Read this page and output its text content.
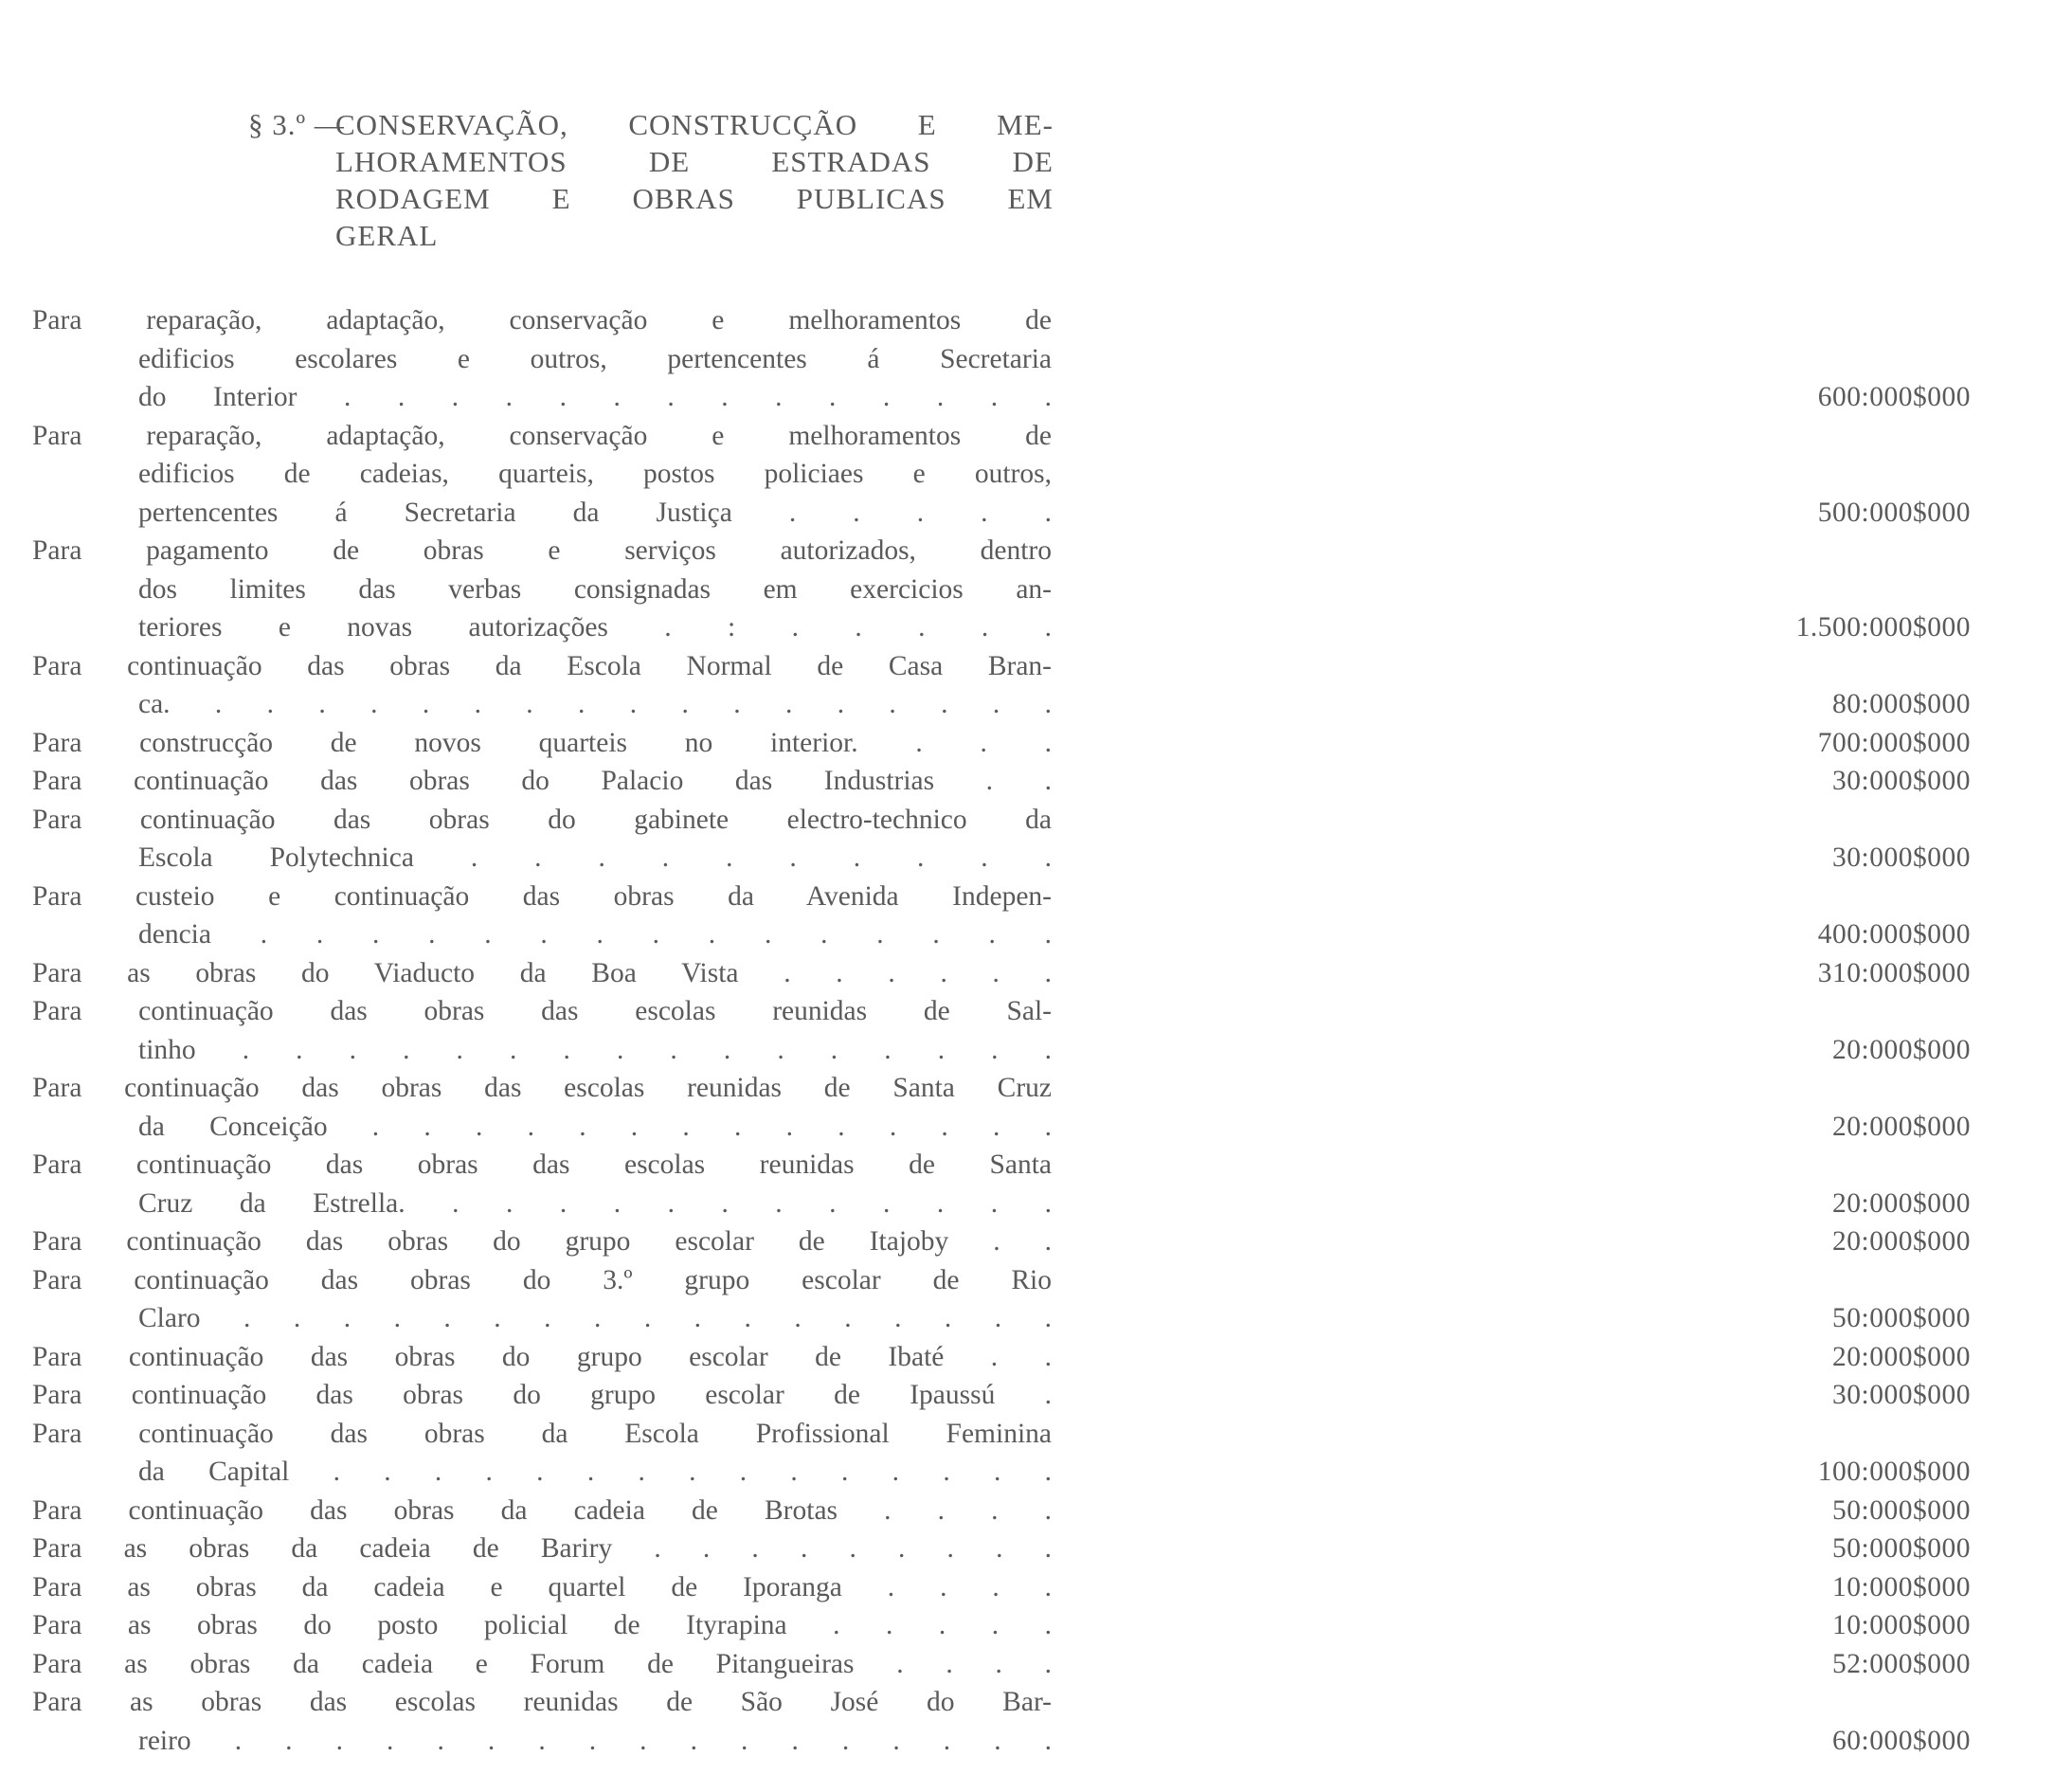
§ 3.º —
CONSERVAÇÃO, CONSTRUCÇÃO E ME-
LHORAMENTOS DE ESTRADAS DE
RODAGEM E OBRAS PUBLICAS EM
GERAL
Para reparação, adaptação, conservação e melhoramentos de
edificios escolares e outros, pertencentes á Secretaria
do Interior . . . . . . . . . . . . . .	600:000$000
Para reparação, adaptação, conservação e melhoramentos de
edificios de cadeias, quarteis, postos policiaes e outros,
pertencentes á Secretaria da Justiça . . . . .	500:000$000
Para pagamento de obras e serviços autorizados, dentro
dos limites das verbas consignadas em exercicios an-
teriores e novas autorizações . : . . . . .	1.500:000$000
Para continuação das obras da Escola Normal de Casa Bran-
ca. . . . . . . . . . . . . . . . . .	80:000$000
Para construcção de novos quarteis no interior. . . .	700:000$000
Para continuação das obras do Palacio das Industrias . .	30:000$000
Para continuação das obras do gabinete electro-technico da
Escola Polytechnica . . . . . . . . . .	30:000$000
Para custeio e continuação das obras da Avenida Indepen-
dencia . . . . . . . . . . . . . . .	400:000$000
Para as obras do Viaducto da Boa Vista . . . . . .	310:000$000
Para continuação das obras das escolas reunidas de Sal-
tinho . . . . . . . . . . . . . . . .	20:000$000
Para continuação das obras das escolas reunidas de Santa Cruz
da Conceição . . . . . . . . . . . . . .	20:000$000
Para continuação das obras das escolas reunidas de Santa
Cruz da Estrella. . . . . . . . . . . . .	20:000$000
Para continuação das obras do grupo escolar de Itajoby . .	20:000$000
Para continuação das obras do 3.º grupo escolar de Rio
Claro . . . . . . . . . . . . . . . . .	50:000$000
Para continuação das obras do grupo escolar de Ibaté . .	20:000$000
Para continuação das obras do grupo escolar de Ipaussú .	30:000$000
Para continuação das obras da Escola Profissional Feminina
da Capital . . . . . . . . . . . . . . .	100:000$000
Para continuação das obras da cadeia de Brotas . . . .	50:000$000
Para as obras da cadeia de Bariry . . . . . . . . .	50:000$000
Para as obras da cadeia e quartel de Iporanga . . . .	10:000$000
Para as obras do posto policial de Ityrapina . . . . .	10:000$000
Para as obras da cadeia e Forum de Pitangueiras . . . .	52:000$000
Para as obras das escolas reunidas de São José do Bar-
reiro . . . . . . . . . . . . . . . . .	60:000$000
